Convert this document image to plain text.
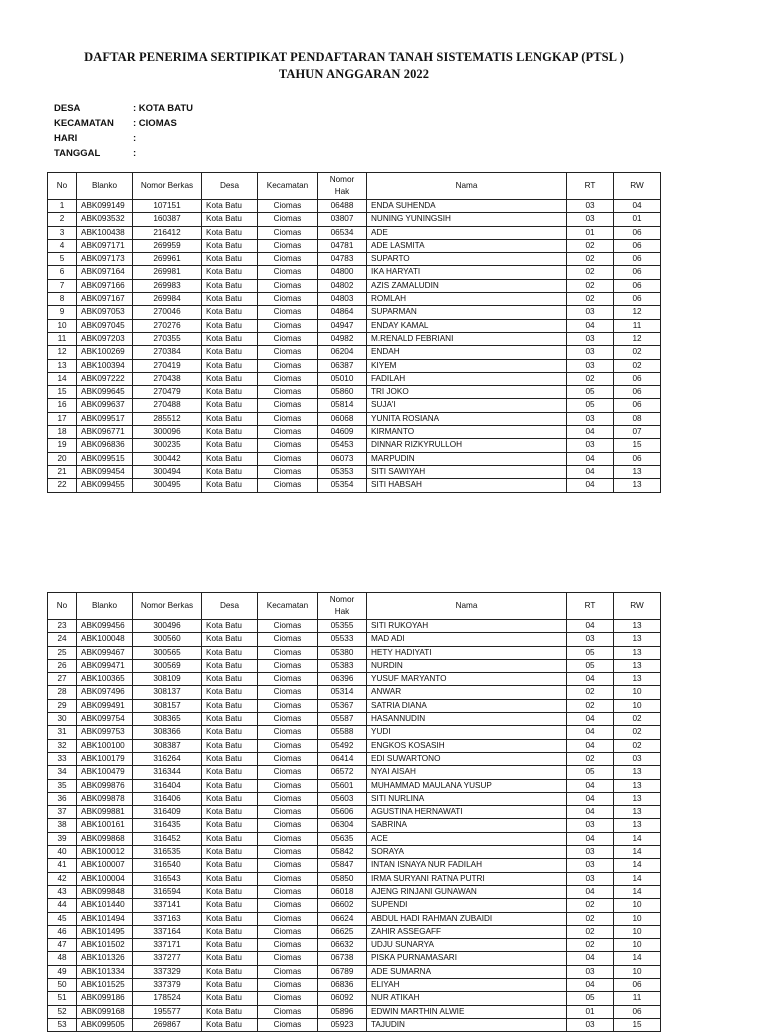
DAFTAR PENERIMA SERTIPIKAT PENDAFTARAN TANAH SISTEMATIS LENGKAP (PTSL )
TAHUN ANGGARAN 2022
DESA	: KOTA BATU
KECAMATAN	: CIOMAS
HARI	:
TANGGAL	:
No	Blanko	Nomor Berkas	Desa	Kecamatan	Nomor Hak	Nama	RT	RW
1	ABK099149	107151	Kota Batu	Ciomas	06488	ENDA SUHENDA	03	04
2	ABK093532	160387	Kota Batu	Ciomas	03807	NUNING YUNINGSIH	03	01
3	ABK100438	216412	Kota Batu	Ciomas	06534	ADE	01	06
4	ABK097171	269959	Kota Batu	Ciomas	04781	ADE LASMITA	02	06
5	ABK097173	269961	Kota Batu	Ciomas	04783	SUPARTO	02	06
6	ABK097164	269981	Kota Batu	Ciomas	04800	IKA HARYATI	02	06
7	ABK097166	269983	Kota Batu	Ciomas	04802	AZIS ZAMALUDIN	02	06
8	ABK097167	269984	Kota Batu	Ciomas	04803	ROMLAH	02	06
9	ABK097053	270046	Kota Batu	Ciomas	04864	SUPARMAN	03	12
10	ABK097045	270276	Kota Batu	Ciomas	04947	ENDAY KAMAL	04	11
11	ABK097203	270355	Kota Batu	Ciomas	04982	M.RENALD FEBRIANI	03	12
12	ABK100269	270384	Kota Batu	Ciomas	06204	ENDAH	03	02
13	ABK100394	270419	Kota Batu	Ciomas	06387	KIYEM	03	02
14	ABK097222	270438	Kota Batu	Ciomas	05010	FADILAH	02	06
15	ABK099645	270479	Kota Batu	Ciomas	05860	TRI JOKO	05	06
16	ABK099637	270488	Kota Batu	Ciomas	05814	SUJA'I	05	06
17	ABK099517	285512	Kota Batu	Ciomas	06068	YUNITA ROSIANA	03	08
18	ABK096771	300096	Kota Batu	Ciomas	04609	KIRMANTO	04	07
19	ABK096836	300235	Kota Batu	Ciomas	05453	DINNAR RIZKYRULLOH	03	15
20	ABK099515	300442	Kota Batu	Ciomas	06073	MARPUDIN	04	06
21	ABK099454	300494	Kota Batu	Ciomas	05353	SITI SAWIYAH	04	13
22	ABK099455	300495	Kota Batu	Ciomas	05354	SITI HABSAH	04	13
No	Blanko	Nomor Berkas	Desa	Kecamatan	Nomor Hak	Nama	RT	RW
23	ABK099456	300496	Kota Batu	Ciomas	05355	SITI RUKOYAH	04	13
24	ABK100048	300560	Kota Batu	Ciomas	05533	MAD ADI	03	13
25	ABK099467	300565	Kota Batu	Ciomas	05380	HETY HADIYATI	05	13
26	ABK099471	300569	Kota Batu	Ciomas	05383	NURDIN	05	13
27	ABK100365	308109	Kota Batu	Ciomas	06396	YUSUF MARYANTO	04	13
28	ABK097496	308137	Kota Batu	Ciomas	05314	ANWAR	02	10
29	ABK099491	308157	Kota Batu	Ciomas	05367	SATRIA DIANA	02	10
30	ABK099754	308365	Kota Batu	Ciomas	05587	HASANNUDIN	04	02
31	ABK099753	308366	Kota Batu	Ciomas	05588	YUDI	04	02
32	ABK100100	308387	Kota Batu	Ciomas	05492	ENGKOS KOSASIH	04	02
33	ABK100179	316264	Kota Batu	Ciomas	06414	EDI SUWARTONO	02	03
34	ABK100479	316344	Kota Batu	Ciomas	06572	NYAI AISAH	05	13
35	ABK099876	316404	Kota Batu	Ciomas	05601	MUHAMMAD MAULANA YUSUP	04	13
36	ABK099878	316406	Kota Batu	Ciomas	05603	SITI NURLINA	04	13
37	ABK099881	316409	Kota Batu	Ciomas	05606	AGUSTINA HERNAWATI	04	13
38	ABK100161	316435	Kota Batu	Ciomas	06304	SABRINA	03	13
39	ABK099868	316452	Kota Batu	Ciomas	05635	ACE	04	14
40	ABK100012	316535	Kota Batu	Ciomas	05842	SORAYA	03	14
41	ABK100007	316540	Kota Batu	Ciomas	05847	INTAN ISNAYA NUR FADILAH	03	14
42	ABK100004	316543	Kota Batu	Ciomas	05850	IRMA SURYANI RATNA PUTRI	03	14
43	ABK099848	316594	Kota Batu	Ciomas	06018	AJENG RINJANI GUNAWAN	04	14
44	ABK101440	337141	Kota Batu	Ciomas	06602	SUPENDI	02	10
45	ABK101494	337163	Kota Batu	Ciomas	06624	ABDUL HADI RAHMAN ZUBAIDI	02	10
46	ABK101495	337164	Kota Batu	Ciomas	06625	ZAHIR ASSEGAFF	02	10
47	ABK101502	337171	Kota Batu	Ciomas	06632	UDJU SUNARYA	02	10
48	ABK101326	337277	Kota Batu	Ciomas	06738	PISKA PURNAMASARI	04	14
49	ABK101334	337329	Kota Batu	Ciomas	06789	ADE SUMARNA	03	10
50	ABK101525	337379	Kota Batu	Ciomas	06836	ELIYAH	04	06
51	ABK099186	178524	Kota Batu	Ciomas	06092	NUR ATIKAH	05	11
52	ABK099168	195577	Kota Batu	Ciomas	05896	EDWIN MARTHIN ALWIE	01	06
53	ABK099505	269867	Kota Batu	Ciomas	05923	TAJUDIN	03	15
